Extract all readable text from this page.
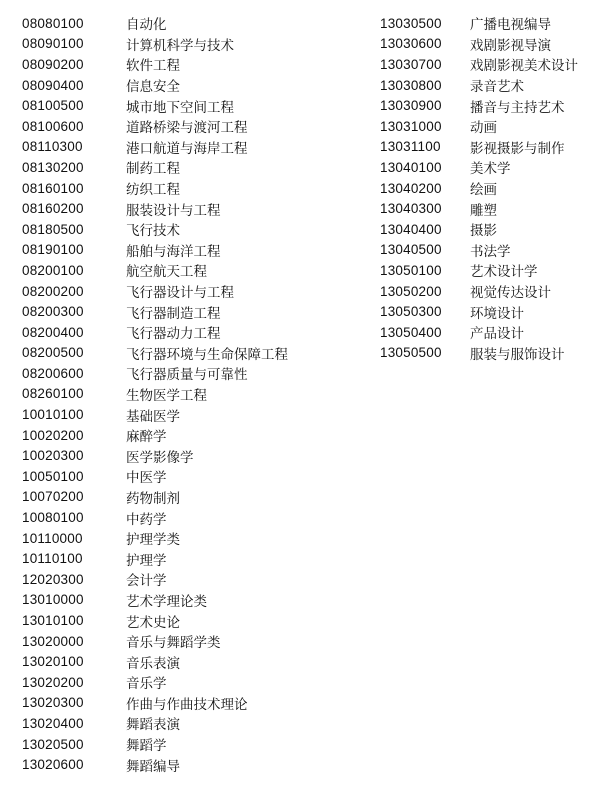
08080100	自动化
08090100	计算机科学与技术
08090200	软件工程
08090400	信息安全
08100500	城市地下空间工程
08100600	道路桥梁与渡河工程
08110300	港口航道与海岸工程
08130200	制药工程
08160100	纺织工程
08160200	服装设计与工程
08180500	飞行技术
08190100	船舶与海洋工程
08200100	航空航天工程
08200200	飞行器设计与工程
08200300	飞行器制造工程
08200400	飞行器动力工程
08200500	飞行器环境与生命保障工程
08200600	飞行器质量与可靠性
08260100	生物医学工程
10010100	基础医学
10020200	麻醉学
10020300	医学影像学
10050100	中医学
10070200	药物制剂
10080100	中药学
10110000	护理学类
10110100	护理学
12020300	会计学
13010000	艺术学理论类
13010100	艺术史论
13020000	音乐与舞蹈学类
13020100	音乐表演
13020200	音乐学
13020300	作曲与作曲技术理论
13020400	舞蹈表演
13020500	舞蹈学
13020600	舞蹈编导
13030500	广播电视编导
13030600	戏剧影视导演
13030700	戏剧影视美术设计
13030800	录音艺术
13030900	播音与主持艺术
13031000	动画
13031100	影视摄影与制作
13040100	美术学
13040200	绘画
13040300	雕塑
13040400	摄影
13040500	书法学
13050100	艺术设计学
13050200	视觉传达设计
13050300	环境设计
13050400	产品设计
13050500	服装与服饰设计
